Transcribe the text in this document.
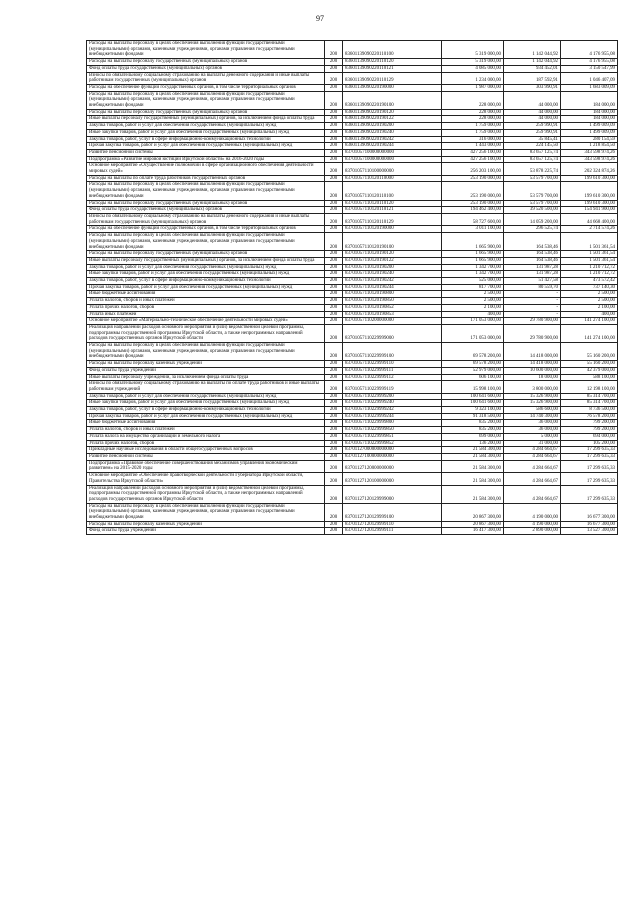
97
Расходы на выплаты персоналу в целях обеспечения выполнения функций государственными (муниципальными) органами, казенными учреждениями, органами управления государственными внебюджетными фондами	200	83601139090220110100	5 319 000,00	1 142 044,92	4 176 955,08
Расходы на выплаты персоналу государственных (муниципальных) органов	200	83601139090220110120	5 319 000,00	1 142 044,92	4 176 955,08
Фонд оплаты труда государственных (муниципальных) органов	200	83601139090220110121	4 085 000,00	934 452,01	3 150 547,99
Взносы по обязательному социальному страхованию на выплаты денежного содержания и иные выплаты работникам государственных (муниципальных) органов	200	83601139090220110129	1 234 000,00	187 592,91	1 046 407,09
Расходы на обеспечение функций государственных органов, в том числе территориальных органов	200	83601139090220190000	1 987 000,00	303 990,91	1 683 009,09
Расходы на выплаты персоналу в целях обеспечения выполнения функций государственными (муниципальными) органами, казенными учреждениями, органами управления государственными внебюджетными фондами	200	83601139090220190100	228 000,00	44 000,00	184 000,00
Расходы на выплаты персоналу государственных (муниципальных) органов	200	83601139090220190120	228 000,00	44 000,00	184 000,00
Иные выплаты персоналу государственных (муниципальных) органов, за исключением фонда оплаты труда	200	83601139090220190122	228 000,00	44 000,00	184 000,00
Закупка товаров, работ и услуг для обеспечения государственных (муниципальных) нужд	200	83601139090220190200	1 759 000,00	259 990,91	1 499 009,09
Иные закупки товаров, работ и услуг для обеспечения государственных (муниципальных) нужд	200	83601139090220190240	1 759 000,00	259 990,91	1 499 009,09
Закупка товаров, работ, услуг в сфере информационно-коммуникационных технологий	200	83601139090220190242	316 000,00	35 845,41	280 154,59
Прочая закупка товаров, работ и услуг для обеспечения государственных (муниципальных) нужд	200	83601139090220190244	1 443 000,00	224 145,50	1 218 854,50
Развитие пенсионной системы	200	83701057100000000000	427 256 100,00	83 657 125,74	343 598 974,26
Подпрограмма «Развитие мировой юстиции Иркутской области» на 2016-2020 годы	200	83701057100000000000	427 256 100,00	83 657 125,74	343 598 974,26
Основное мероприятие «Осуществление полномочий в сфере организационного обеспечения деятельности мировых судей»	200	83701057110100000000	256 203 100,00	53 878 225,74	202 324 874,26
Расходы на выплаты по оплате труда работников государственных органов	200	83701057110120110000	253 190 000,00	53 579 700,00	199 610 300,00
Расходы на выплаты персоналу в целях обеспечения выполнения функций государственными (муниципальными) органами, казенными учреждениями, органами управления государственными внебюджетными фондами	200	83701057110120110100	253 190 000,00	53 579 700,00	199 610 300,00
Расходы на выплаты персоналу государственных (муниципальных) органов	200	83701057110120110120	253 190 000,00	53 579 700,00	199 610 300,00
Фонд оплаты труда государственных (муниципальных) органов	200	83701057110120110121	194 462 400,00	39 520 500,00	154 941 900,00
Взносы по обязательному социальному страхованию на выплаты денежного содержания и иные выплаты работникам государственных (муниципальных) органов	200	83701057110120110129	58 727 600,00	14 059 200,00	44 668 400,00
Расходы на обеспечение функций государственных органов, в том числе территориальных органов	200	83701057110120190000	3 011 100,00	296 525,74	2 714 574,26
Расходы на выплаты персоналу в целях обеспечения выполнения функций государственными (муниципальными) органами, казенными учреждениями, органами управления государственными внебюджетными фондами	200	83701057110120190100	1 665 900,00	164 538,46	1 501 361,54
Расходы на выплаты персоналу государственных (муниципальных) органов	200	83701057110120190120	1 665 900,00	164 538,46	1 501 361,54
Иные выплаты персоналу государственных (муниципальных) органов, за исключением фонда оплаты труда	200	83701057110120190122	1 665 900,00	164 538,46	1 501 361,54
Закупка товаров, работ и услуг для обеспечения государственных (муниципальных) нужд	200	83701057110120190200	1 342 700,00	131 987,28	1 210 712,72
Иные закупки товаров, работ и услуг для обеспечения государственных (муниципальных) нужд	200	83701057110120190240	1 342 700,00	131 987,28	1 210 712,72
Закупка товаров, работ, услуг в сфере информационно-коммуникационных технологий	200	83701057110120190242	525 000,00	51 427,58	473 572,42
Прочая закупка товаров, работ и услуг для обеспечения государственных (муниципальных) нужд	200	83701057110120190244	817 700,00	80 559,70	737 140,30
Иные бюджетные ассигнования	200	83701057110120190800	2 500,00	-	2 500,00
Уплата налогов, сборов и иных платежей	200	83701057110120190850	2 500,00	-	2 500,00
Уплата прочих налогов, сборов	200	83701057110120190852	2 100,00	-	2 100,00
Уплата иных платежей	200	83701057110120190853	400,00	-	400,00
Основное мероприятие «Материально-техническое обеспечение деятельности мировых судей»	200	83701057110200000000	171 053 000,00	29 780 900,00	141 274 100,00
Реализация направлений расходов основного мероприятия и (или) ведомственной целевой программы, подпрограммы государственной программы Иркутской области, а также непрограммных направлений расходов государственных органов Иркутской области	200	83701057110229999000	171 053 000,00	29 780 900,00	141 274 100,00
Расходы на выплаты персоналу в целях обеспечения выполнения функций государственными (муниципальными) органами, казенными учреждениями, органами управления государственными внебюджетными фондами	200	83701057110229999100	69 578 200,00	14 418 000,00	55 160 200,00
Расходы на выплаты персоналу казенных учреждений	200	83701057110229999110	69 578 200,00	14 418 000,00	55 160 200,00
Фонд оплаты труда учреждений	200	83701057110229999111	52 979 000,00	10 600 000,00	42 379 000,00
Иные выплаты персоналу учреждений, за исключением фонда оплаты труда	200	83701057110229999112	606 100,00	18 000,00	588 100,00
Взносы по обязательному социальному страхованию на выплаты по оплате труда работников и иные выплаты работникам учреждений	200	83701057110229999119	15 998 100,00	3 800 000,00	12 198 100,00
Закупка товаров, работ и услуг для обеспечения государственных (муниципальных) нужд	200	83701057110229999200	100 641 600,00	15 326 900,00	85 314 700,00
Иные закупки товаров, работ и услуг для обеспечения государственных (муниципальных) нужд	200	83701057110229999240	100 641 600,00	15 326 900,00	85 314 700,00
Закупка товаров, работ, услуг в сфере информационно-коммуникационных технологий	200	83701057110229999242	9 323 100,00	586 600,00	8 736 500,00
Прочая закупка товаров, работ и услуг для обеспечения государственных (муниципальных) нужд	200	83701057110229999244	91 318 500,00	14 740 300,00	76 578 200,00
Иные бюджетные ассигнования	200	83701057110229999800	835 200,00	36 000,00	799 200,00
Уплата налогов, сборов и иных платежей	200	83701057110229999850	835 200,00	36 000,00	799 200,00
Уплата налога на имущество организаций и земельного налога	200	83701057110229999851	699 000,00	5 000,00	694 000,00
Уплата прочих налогов, сборов	200	83701057110229999852	136 200,00	31 000,00	105 200,00
Прикладные научные исследования в области общегосударственных вопросов	200	83701127000000000000	21 584 300,00	4 284 664,67	17 299 635,33
Развитие пенсионной системы	200	83701127100000000000	21 584 300,00	4 284 664,67	17 299 635,33
Подпрограмма «Правовое обеспечение совершенствования механизмов управления экономическим развитием» на 2015-2020 годы	200	83701127120000000000	21 584 300,00	4 284 664,67	17 299 635,33
Основное мероприятие «Обеспечение правотворческой деятельности Губернатора Иркутской области, Правительства Иркутской области»	200	83701127120100000000	21 584 300,00	4 284 664,67	17 299 635,33
Реализация направлений расходов основного мероприятия и (или) ведомственной целевой программы, подпрограммы государственной программы Иркутской области, а также непрограммных направлений расходов государственных органов Иркутской области	200	83701127120129999000	21 584 300,00	4 284 664,67	17 299 635,33
Расходы на выплаты персоналу в целях обеспечения выполнения функций государственными (муниципальными) органами, казенными учреждениями, органами управления государственными внебюджетными фондами	200	83701127120129999100	20 867 300,00	4 190 000,00	16 677 300,00
Расходы на выплаты персоналу казенных учреждений	200	83701127120129999110	20 867 300,00	4 190 000,00	16 677 300,00
Фонд оплаты труда учреждений	200	83701127120129999111	16 417 300,00	2 890 000,00	13 527 300,00
